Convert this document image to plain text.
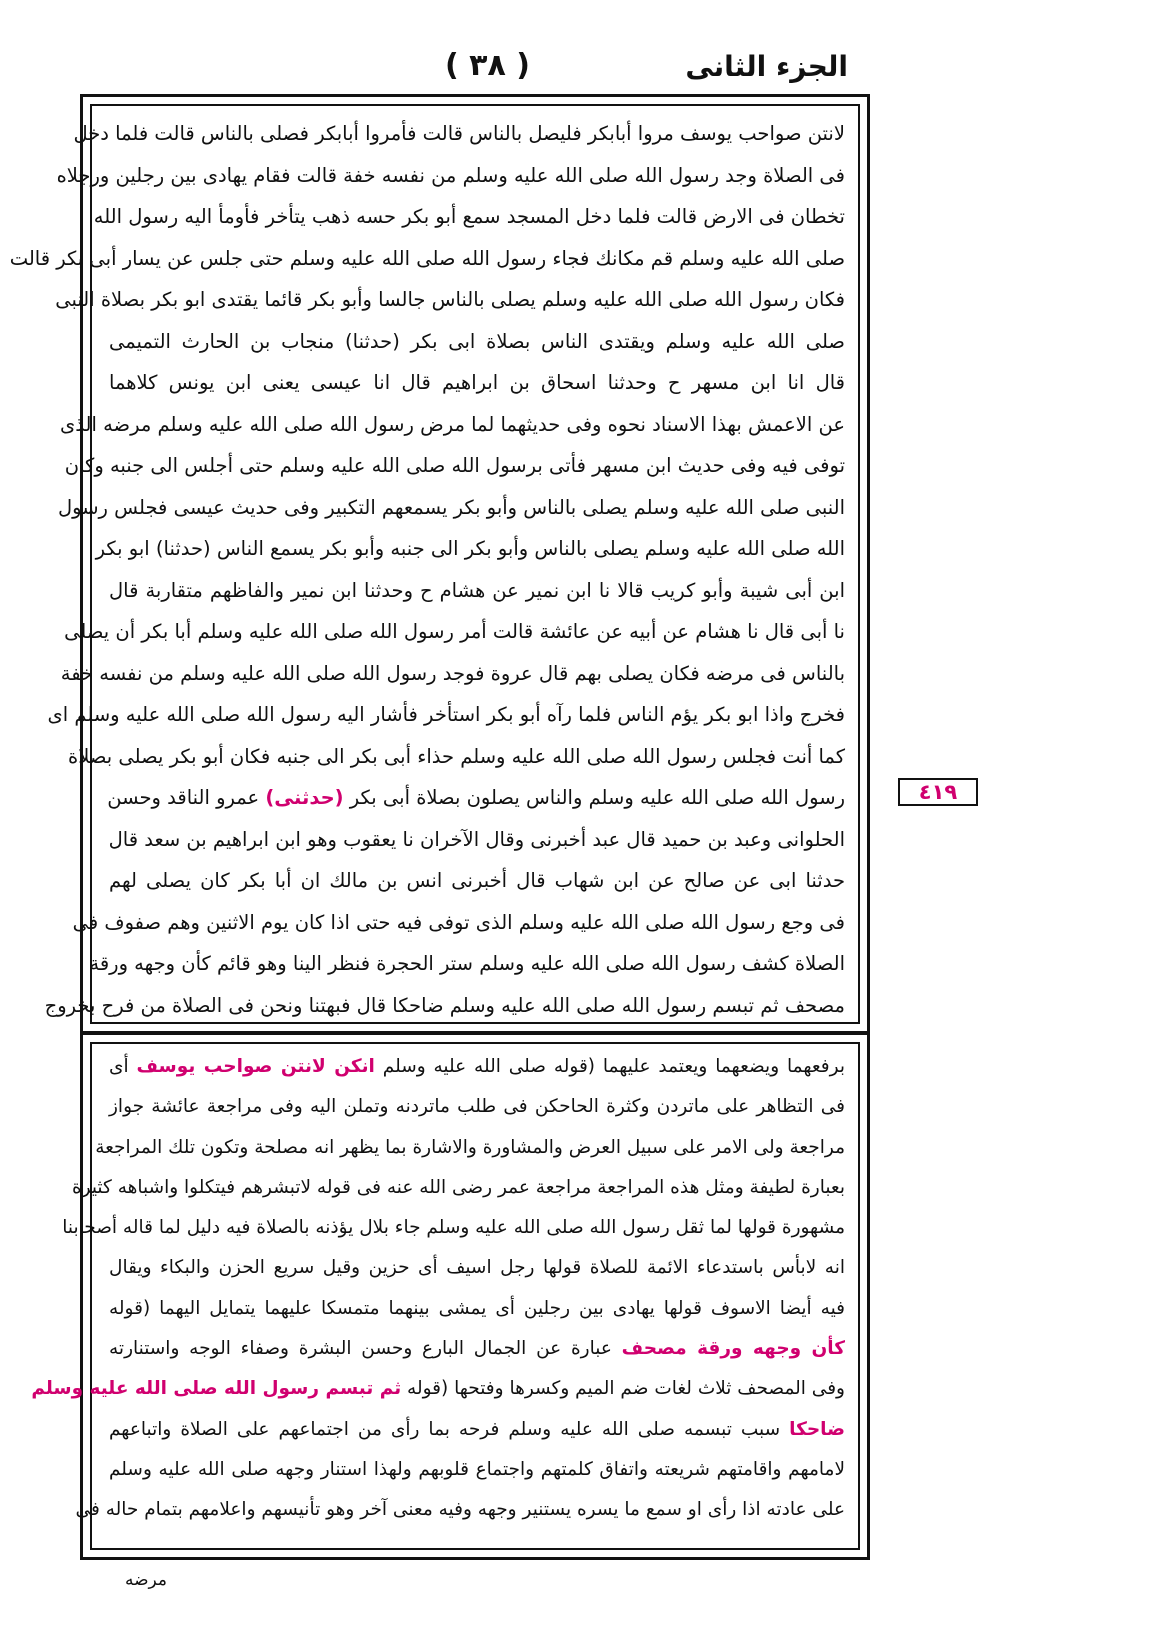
( ٣٨ )	الجزء الثانى
لانتن صواحب يوسف مروا أبابكر فليصل بالناس قالت فأمروا أبابكر فصلى بالناس قالت فلما دخل
فى الصلاة وجد رسول الله صلى الله عليه وسلم من نفسه خفة قالت فقام يهادى بين رجلين ورجلاه
تخطان فى الارض قالت فلما دخل المسجد سمع أبو بكر حسه ذهب يتأخر فأومأ اليه رسول الله
صلى الله عليه وسلم قم مكانك فجاء رسول الله صلى الله عليه وسلم حتى جلس عن يسار أبى بكر قالت
فكان رسول الله صلى الله عليه وسلم يصلى بالناس جالسا وأبو بكر قائما يقتدى ابو بكر بصلاة النبى
صلى الله عليه وسلم ويقتدى الناس بصلاة ابى بكر (حدثنا) منجاب بن الحارث التميمى
قال انا ابن مسهر ح وحدثنا اسحاق بن ابراهيم قال انا عيسى يعنى ابن يونس كلاهما
عن الاعمش بهذا الاسناد نحوه وفى حديثهما لما مرض رسول الله صلى الله عليه وسلم مرضه الذى
توفى فيه وفى حديث ابن مسهر فأتى برسول الله صلى الله عليه وسلم حتى أجلس الى جنبه وكان
النبى صلى الله عليه وسلم يصلى بالناس وأبو بكر يسمعهم التكبير وفى حديث عيسى فجلس رسول
الله صلى الله عليه وسلم يصلى بالناس وأبو بكر الى جنبه وأبو بكر يسمع الناس (حدثنا) ابو بكر
ابن أبى شيبة وأبو كريب قالا نا ابن نمير عن هشام ح وحدثنا ابن نمير والفاظهم متقاربة قال
نا أبى قال نا هشام عن أبيه عن عائشة قالت أمر رسول الله صلى الله عليه وسلم أبا بكر أن يصلى
بالناس فى مرضه فكان يصلى بهم قال عروة فوجد رسول الله صلى الله عليه وسلم من نفسه خفة
فخرج واذا ابو بكر يؤم الناس فلما رآه أبو بكر استأخر فأشار اليه رسول الله صلى الله عليه وسلم اى
كما أنت فجلس رسول الله صلى الله عليه وسلم حذاء أبى بكر الى جنبه فكان أبو بكر يصلى بصلاة
رسول الله صلى الله عليه وسلم والناس يصلون بصلاة أبى بكر (حدثنى) عمرو الناقد وحسن
الحلوانى وعبد بن حميد قال عبد أخبرنى وقال الآخران نا يعقوب وهو ابن ابراهيم بن سعد قال
حدثنا ابى عن صالح عن ابن شهاب قال أخبرنى انس بن مالك ان أبا بكر كان يصلى لهم
فى وجع رسول الله صلى الله عليه وسلم الذى توفى فيه حتى اذا كان يوم الاثنين وهم صفوف فى
الصلاة كشف رسول الله صلى الله عليه وسلم ستر الحجرة فنظر الينا وهو قائم كأن وجهه ورقة
مصحف ثم تبسم رسول الله صلى الله عليه وسلم ضاحكا قال فبهتنا ونحن فى الصلاة من فرح بخروج
برفعهما ويضعهما ويعتمد عليهما (قوله صلى الله عليه وسلم انكن لانتن صواحب يوسف أى
فى التظاهر على ماتردن وكثرة الحاحكن فى طلب ماتردنه وتملن اليه وفى مراجعة عائشة جواز
مراجعة ولى الامر على سبيل العرض والمشاورة والاشارة بما يظهر انه مصلحة وتكون تلك المراجعة
بعبارة لطيفة ومثل هذه المراجعة مراجعة عمر رضى الله عنه فى قوله لاتبشرهم فيتكلوا واشباهه كثيرة
مشهورة قولها لما ثقل رسول الله صلى الله عليه وسلم جاء بلال يؤذنه بالصلاة فيه دليل لما قاله أصحابنا
انه لابأس باستدعاء الائمة للصلاة قولها رجل اسيف أى حزين وقيل سريع الحزن والبكاء ويقال
فيه أيضا الاسوف قولها يهادى بين رجلين أى يمشى بينهما متمسكا عليهما يتمايل اليهما (قوله
كأن وجهه ورقة مصحف عبارة عن الجمال البارع وحسن البشرة وصفاء الوجه واستنارته
وفى المصحف ثلاث لغات ضم الميم وكسرها وفتحها (قوله ثم تبسم رسول الله صلى الله عليه وسلم
ضاحكا سبب تبسمه صلى الله عليه وسلم فرحه بما رأى من اجتماعهم على الصلاة واتباعهم
لامامهم واقامتهم شريعته واتفاق كلمتهم واجتماع قلوبهم ولهذا استنار وجهه صلى الله عليه وسلم
على عادته اذا رأى او سمع ما يسره يستنير وجهه وفيه معنى آخر وهو تأنيسهم واعلامهم بتمام حاله فى
٤١٩
مرضه
